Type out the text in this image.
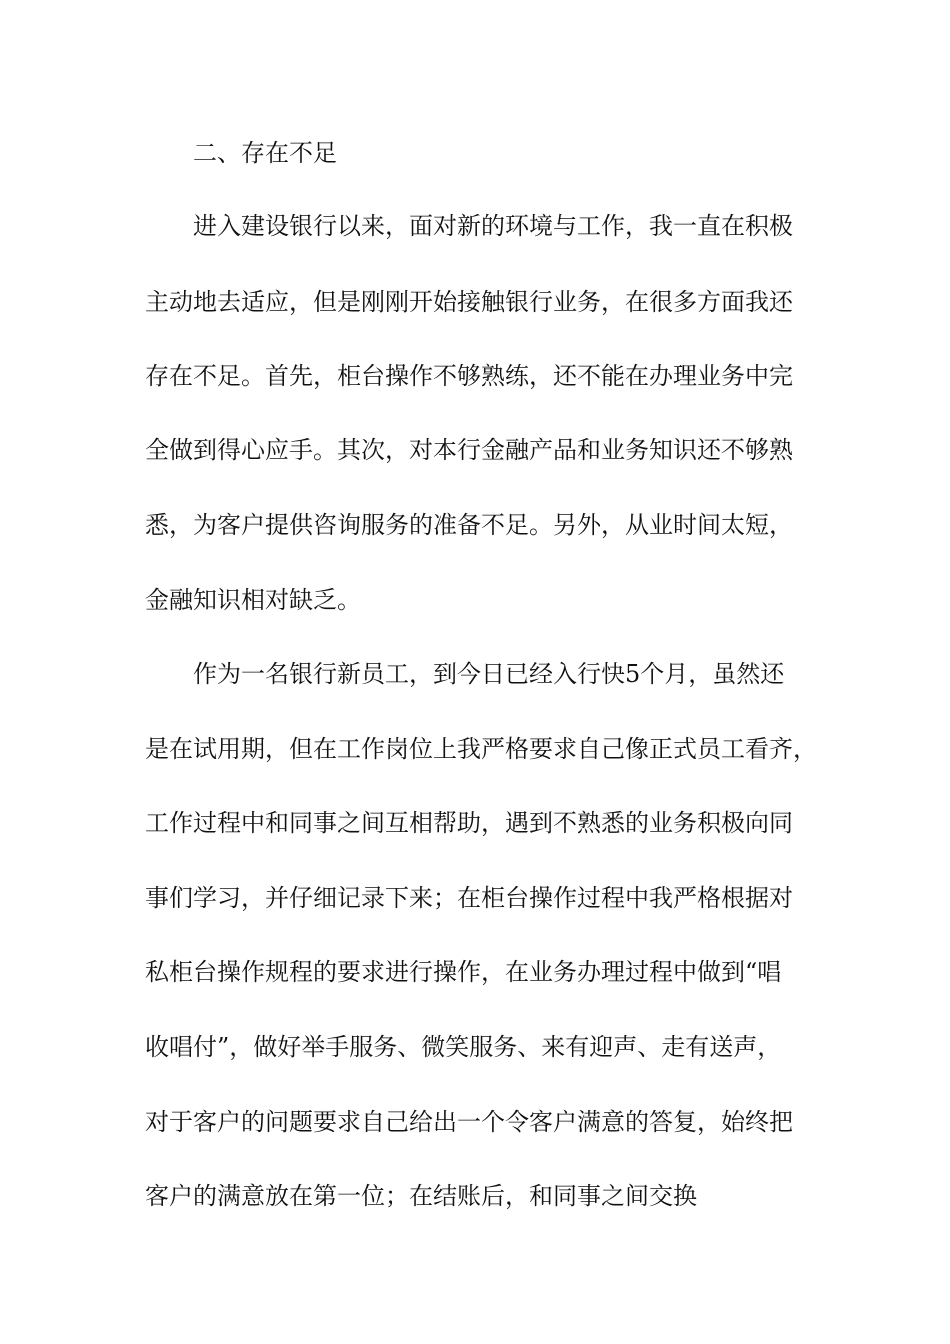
二、存在不足
进入建设银行以来，面对新的环境与工作，我一直在积极
主动地去适应，但是刚刚开始接触银行业务，在很多方面我还
存在不足。首先，柜台操作不够熟练，还不能在办理业务中完
全做到得心应手。其次，对本行金融产品和业务知识还不够熟
悉，为客户提供咨询服务的准备不足。另外，从业时间太短，
金融知识相对缺乏。
作为一名银行新员工，到今日已经入行快5个月，虽然还
是在试用期，但在工作岗位上我严格要求自己像正式员工看齐，
工作过程中和同事之间互相帮助，遇到不熟悉的业务积极向同
事们学习，并仔细记录下来；在柜台操作过程中我严格根据对
私柜台操作规程的要求进行操作，在业务办理过程中做到“唱
收唱付”，做好举手服务、微笑服务、来有迎声、走有送声，
对于客户的问题要求自己给出一个令客户满意的答复，始终把
客户的满意放在第一位；在结账后，和同事之间交换
